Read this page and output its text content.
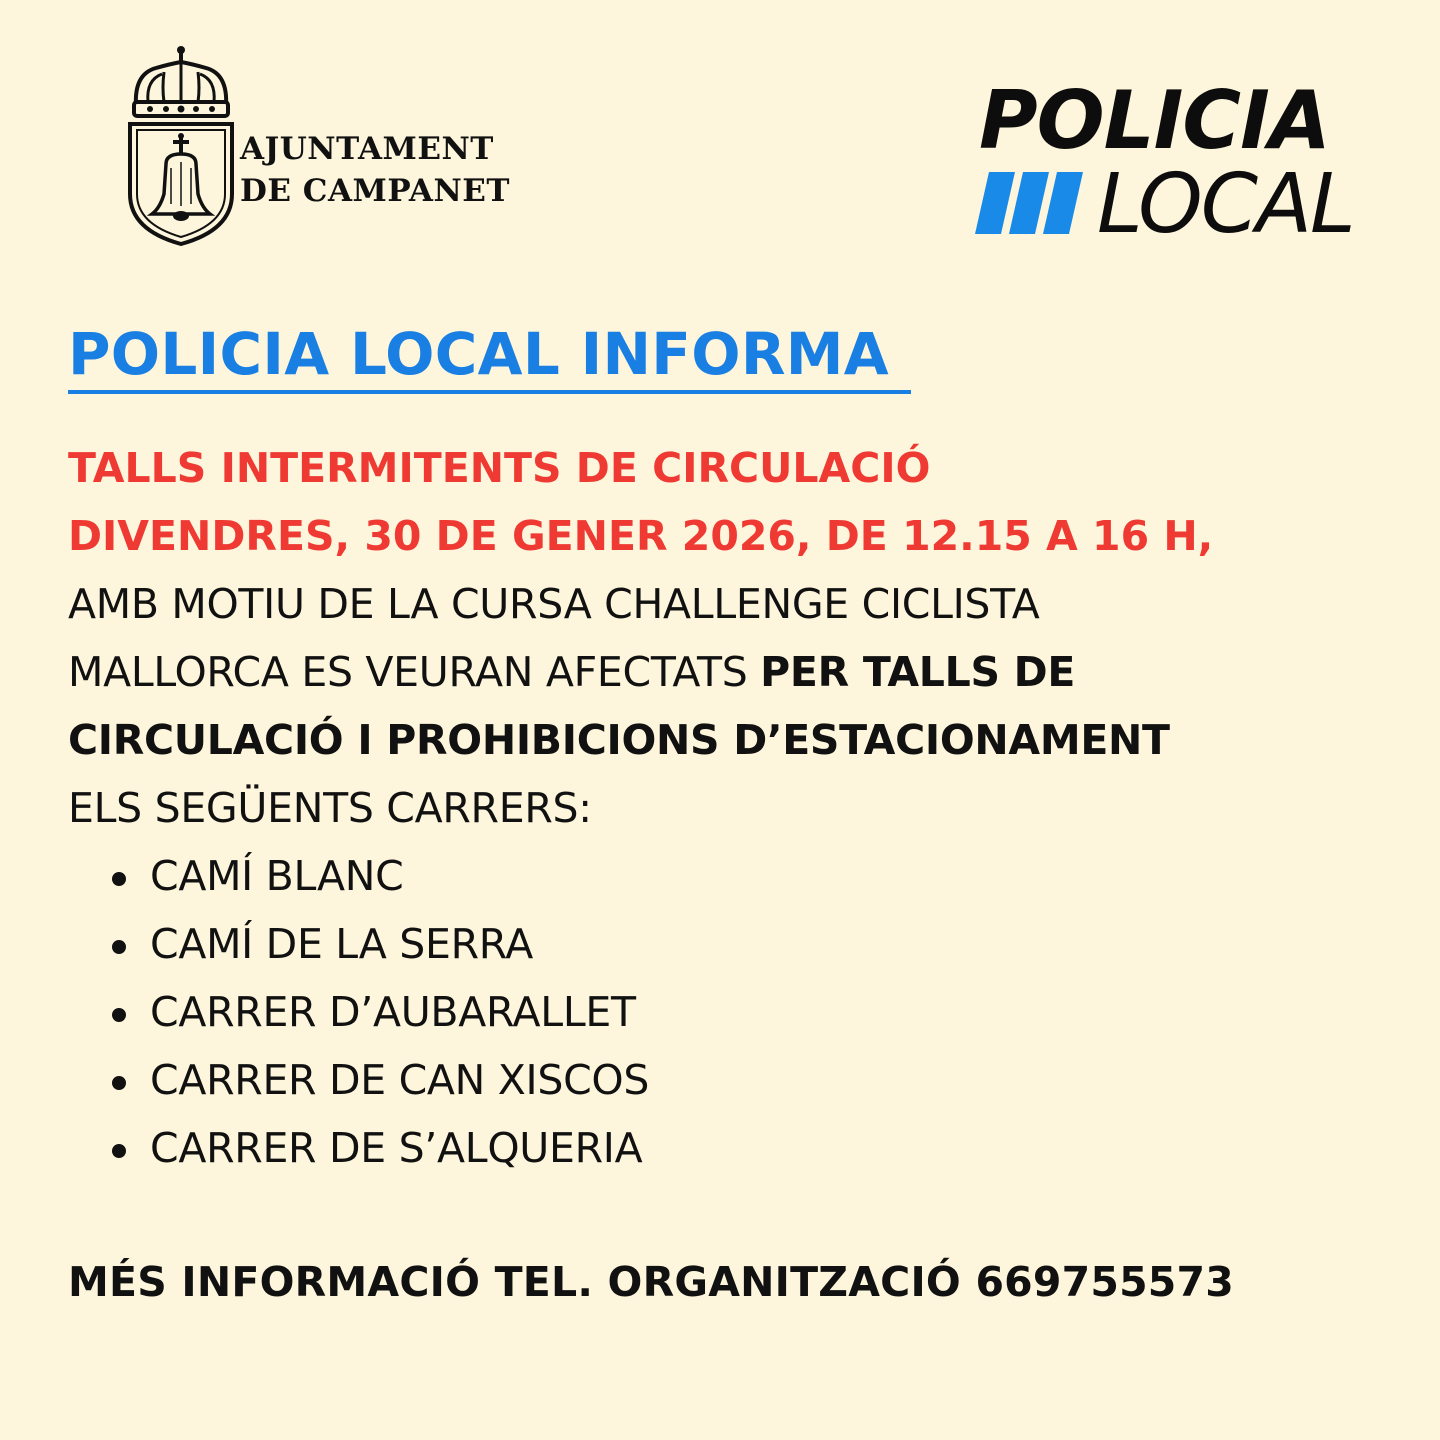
AJUNTAMENT
DE CAMPANET
POLICIA
LOCAL
POLICIA LOCAL INFORMA
TALLS INTERMITENTS DE CIRCULACIÓ
DIVENDRES, 30 DE GENER 2026, DE 12.15 A 16 H,
AMB MOTIU DE LA CURSA CHALLENGE CICLISTA
MALLORCA ES VEURAN AFECTATS PER TALLS DE
CIRCULACIÓ I PROHIBICIONS D’ESTACIONAMENT
ELS SEGÜENTS CARRERS:
CAMÍ BLANC
CAMÍ DE LA SERRA
CARRER D’AUBARALLET
CARRER DE CAN XISCOS
CARRER DE S’ALQUERIA
MÉS INFORMACIÓ TEL. ORGANITZACIÓ 669755573
